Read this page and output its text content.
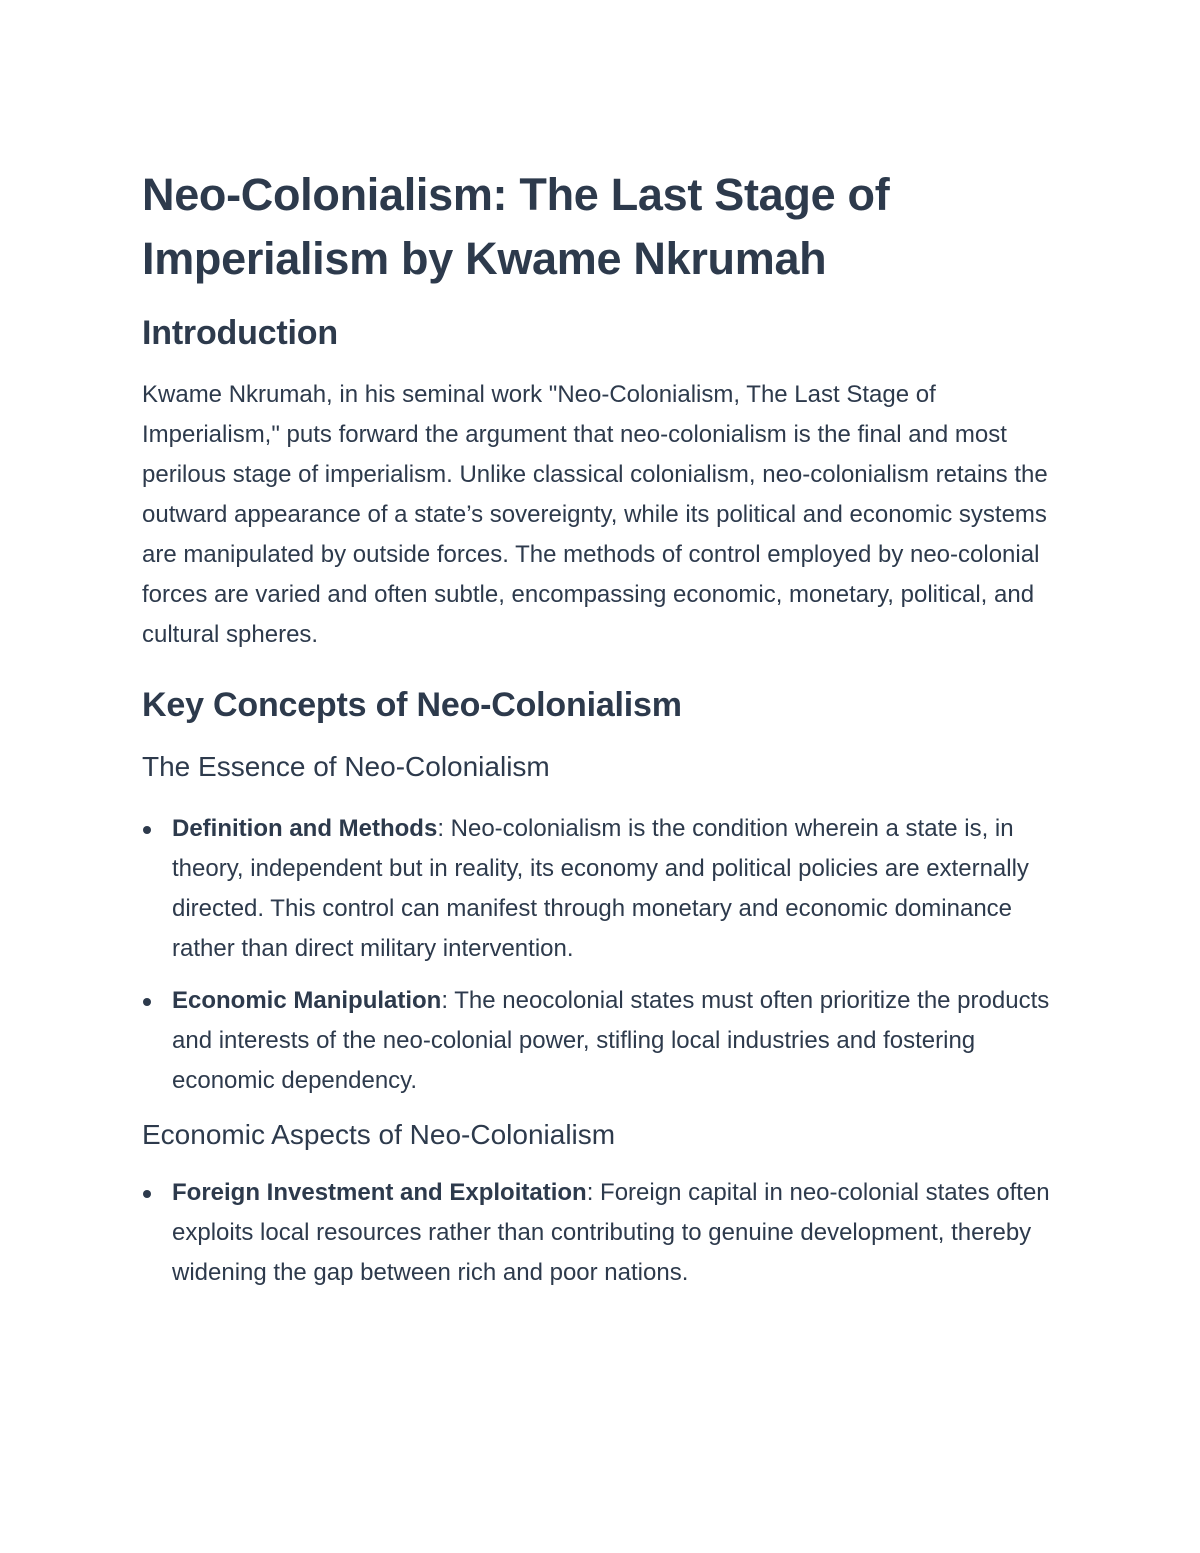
Neo-Colonialism: The Last Stage of Imperialism by Kwame Nkrumah
Introduction

Kwame Nkrumah, in his seminal work "Neo-Colonialism, The Last Stage of Imperialism," puts forward the argument that neo-colonialism is the final and most perilous stage of imperialism. Unlike classical colonialism, neo-colonialism retains the outward appearance of a state’s sovereignty, while its political and economic systems are manipulated by outside forces. The methods of control employed by neo-colonial forces are varied and often subtle, encompassing economic, monetary, political, and cultural spheres.

Key Concepts of Neo-Colonialism
The Essence of Neo-Colonialism
Definition and Methods: Neo-colonialism is the condition wherein a state is, in theory, independent but in reality, its economy and political policies are externally directed. This control can manifest through monetary and economic dominance rather than direct military intervention.
Economic Manipulation: The neocolonial states must often prioritize the products and interests of the neo-colonial power, stifling local industries and fostering economic dependency.
Economic Aspects of Neo-Colonialism
Foreign Investment and Exploitation: Foreign capital in neo-colonial states often exploits local resources rather than contributing to genuine development, thereby widening the gap between rich and poor nations.
